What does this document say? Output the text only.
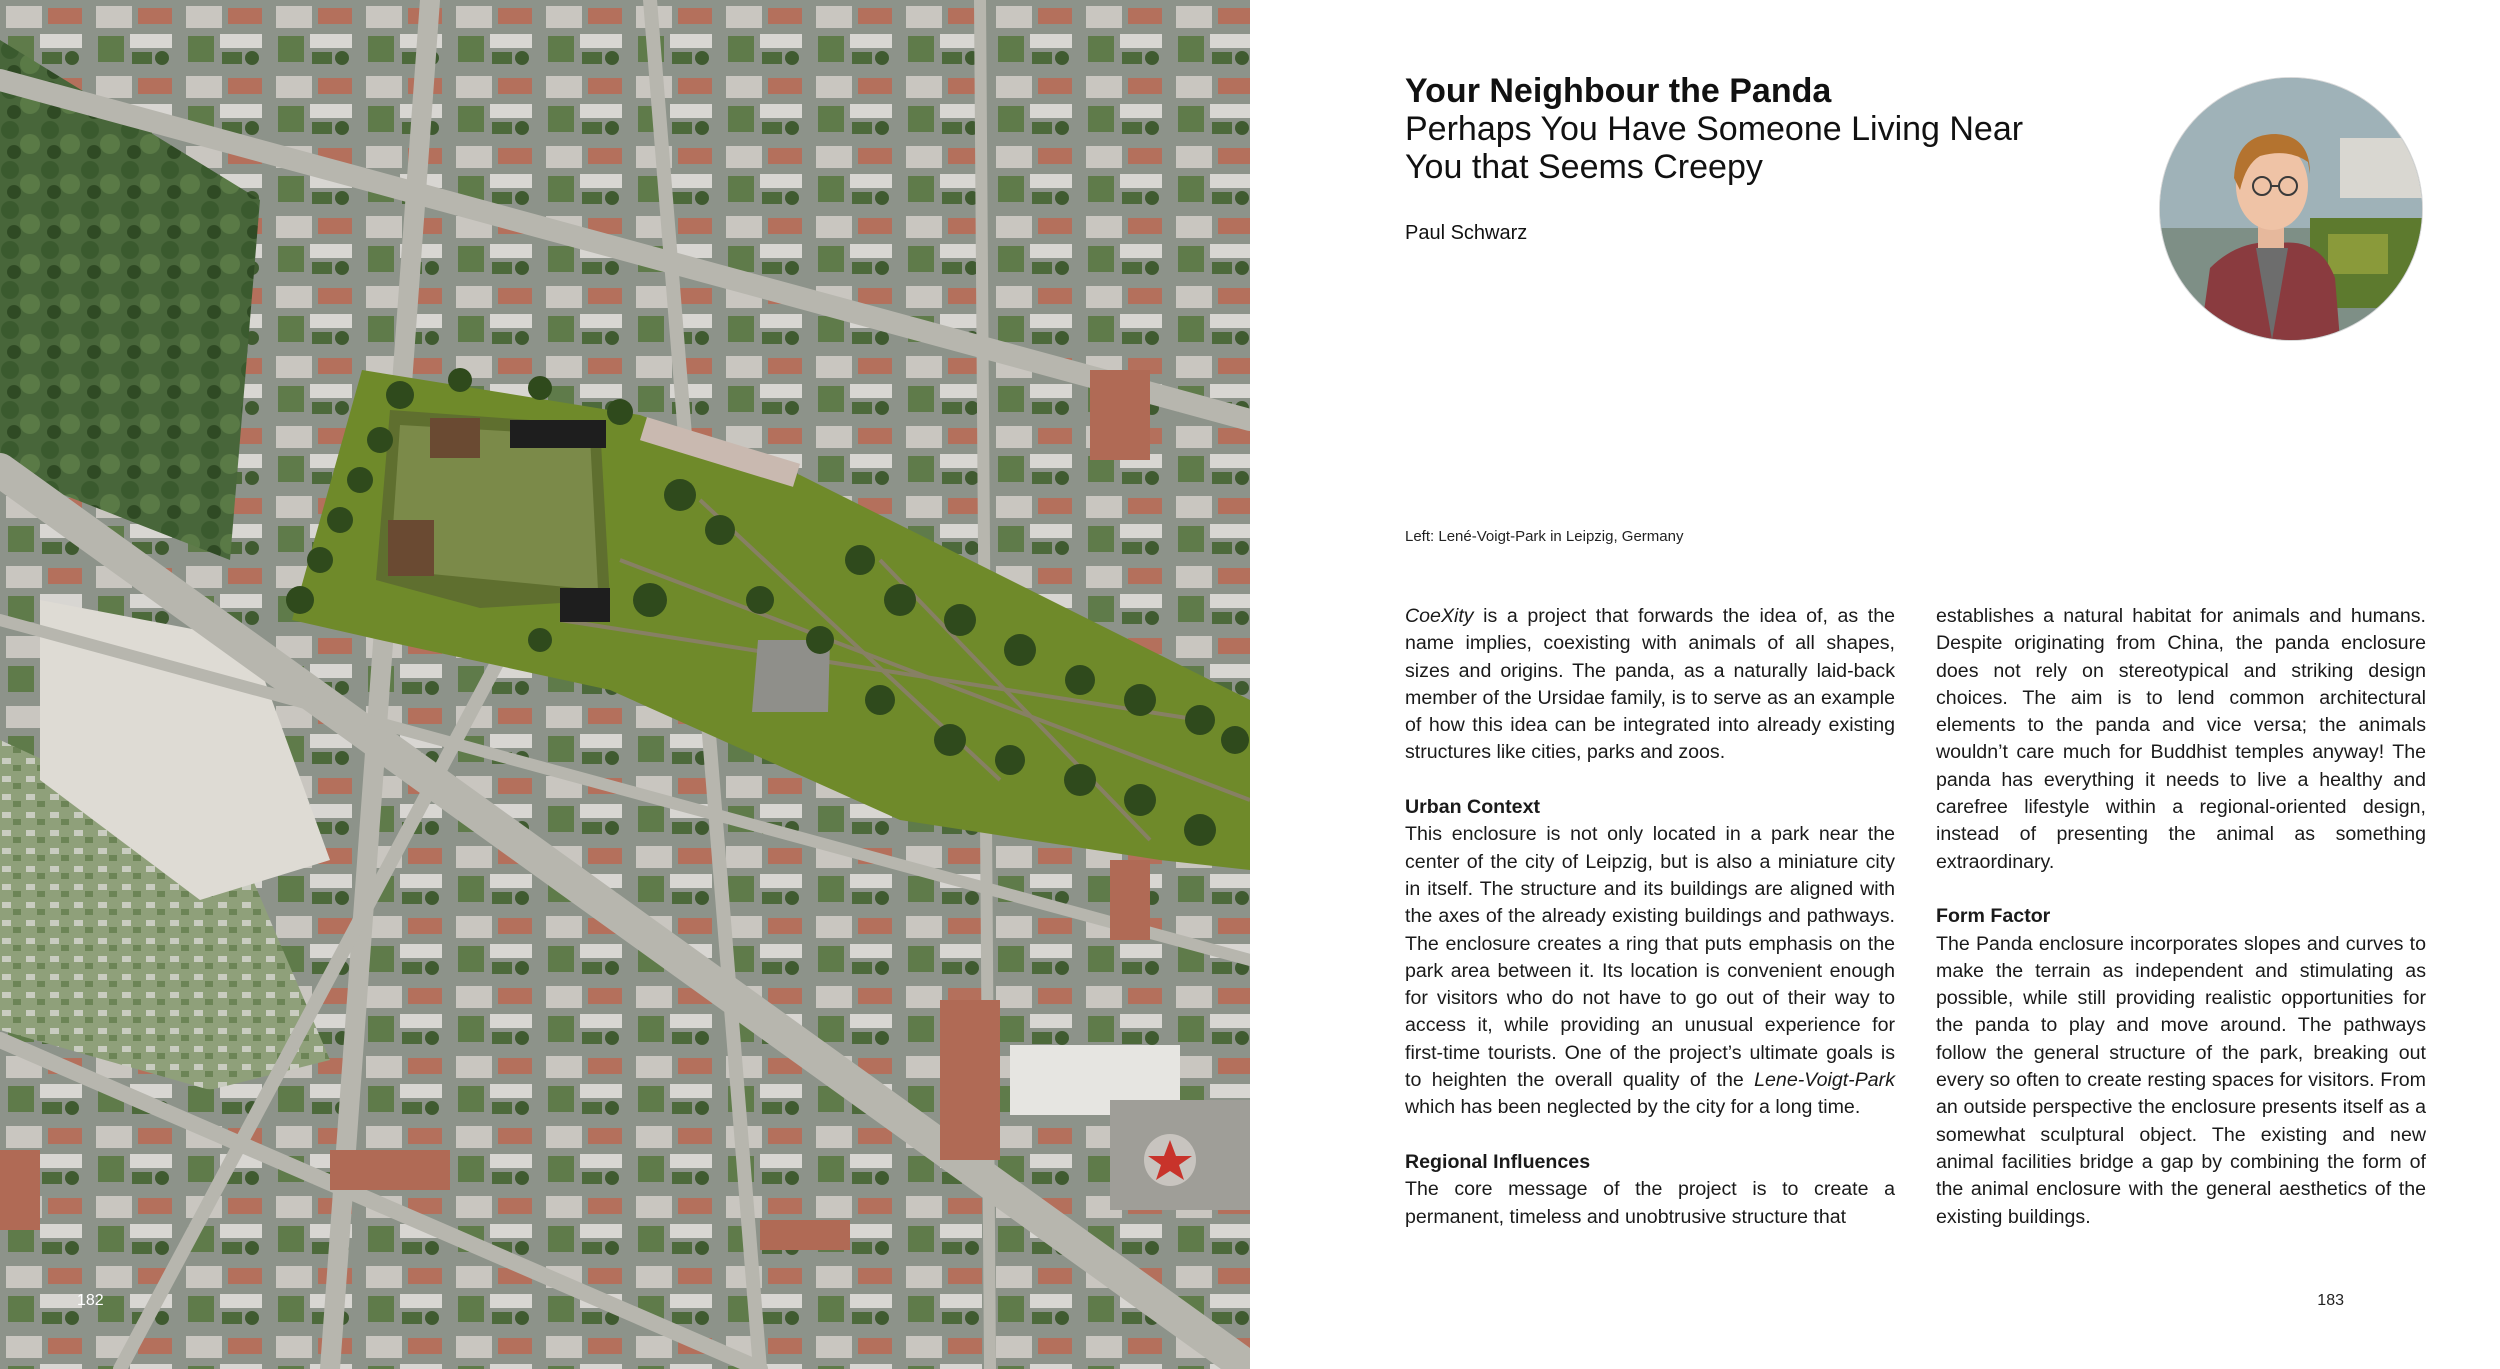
182
Your Neighbour the Panda
Perhaps You Have Someone Living Near You that Seems Creepy
Paul Schwarz
Left: Lené-Voigt-Park in Leipzig, Germany

CoeXity is a project that forwards the idea of, as the name implies, coexisting with animals of all shapes, sizes and origins. The panda, as a naturally laid-back member of the Ursidae family, is to serve as an example of how this idea can be integrated into already existing structures like cities, parks and zoos.

Urban Context

This enclosure is not only located in a park near the center of the city of Leipzig, but is also a miniature city in itself. The structure and its buildings are aligned with the axes of the already existing buildings and pathways. The enclosure creates a ring that puts emphasis on the park area between it. Its location is convenient enough for visitors who do not have to go out of their way to access it, while providing an unusual experience for first-time tourists. One of the project’s ultimate goals is to heighten the overall quality of the Lene-Voigt-Park which has been neglected by the city for a long time.

Regional Influences

The core message of the project is to create a permanent, timeless and unobtrusive structure that

establishes a natural habitat for animals and humans. Despite originating from China, the panda enclosure does not rely on stereotypical and striking design choices. The aim is to lend common architectural elements to the panda and vice versa; the animals wouldn’t care much for Buddhist temples anyway! The panda has everything it needs to live a healthy and carefree lifestyle within a regional-oriented design, instead of presenting the animal as something extraordinary.

Form Factor

The Panda enclosure incorporates slopes and curves to make the terrain as independent and stimulating as possible, while still providing realistic opportunities for the panda to play and move around. The pathways follow the general structure of the park, breaking out every so often to create resting spaces for visitors. From an outside perspective the enclosure presents itself as a somewhat sculptural object. The existing and new animal facilities bridge a gap by combining the form of the animal enclosure with the general aesthetics of the existing buildings.

183
